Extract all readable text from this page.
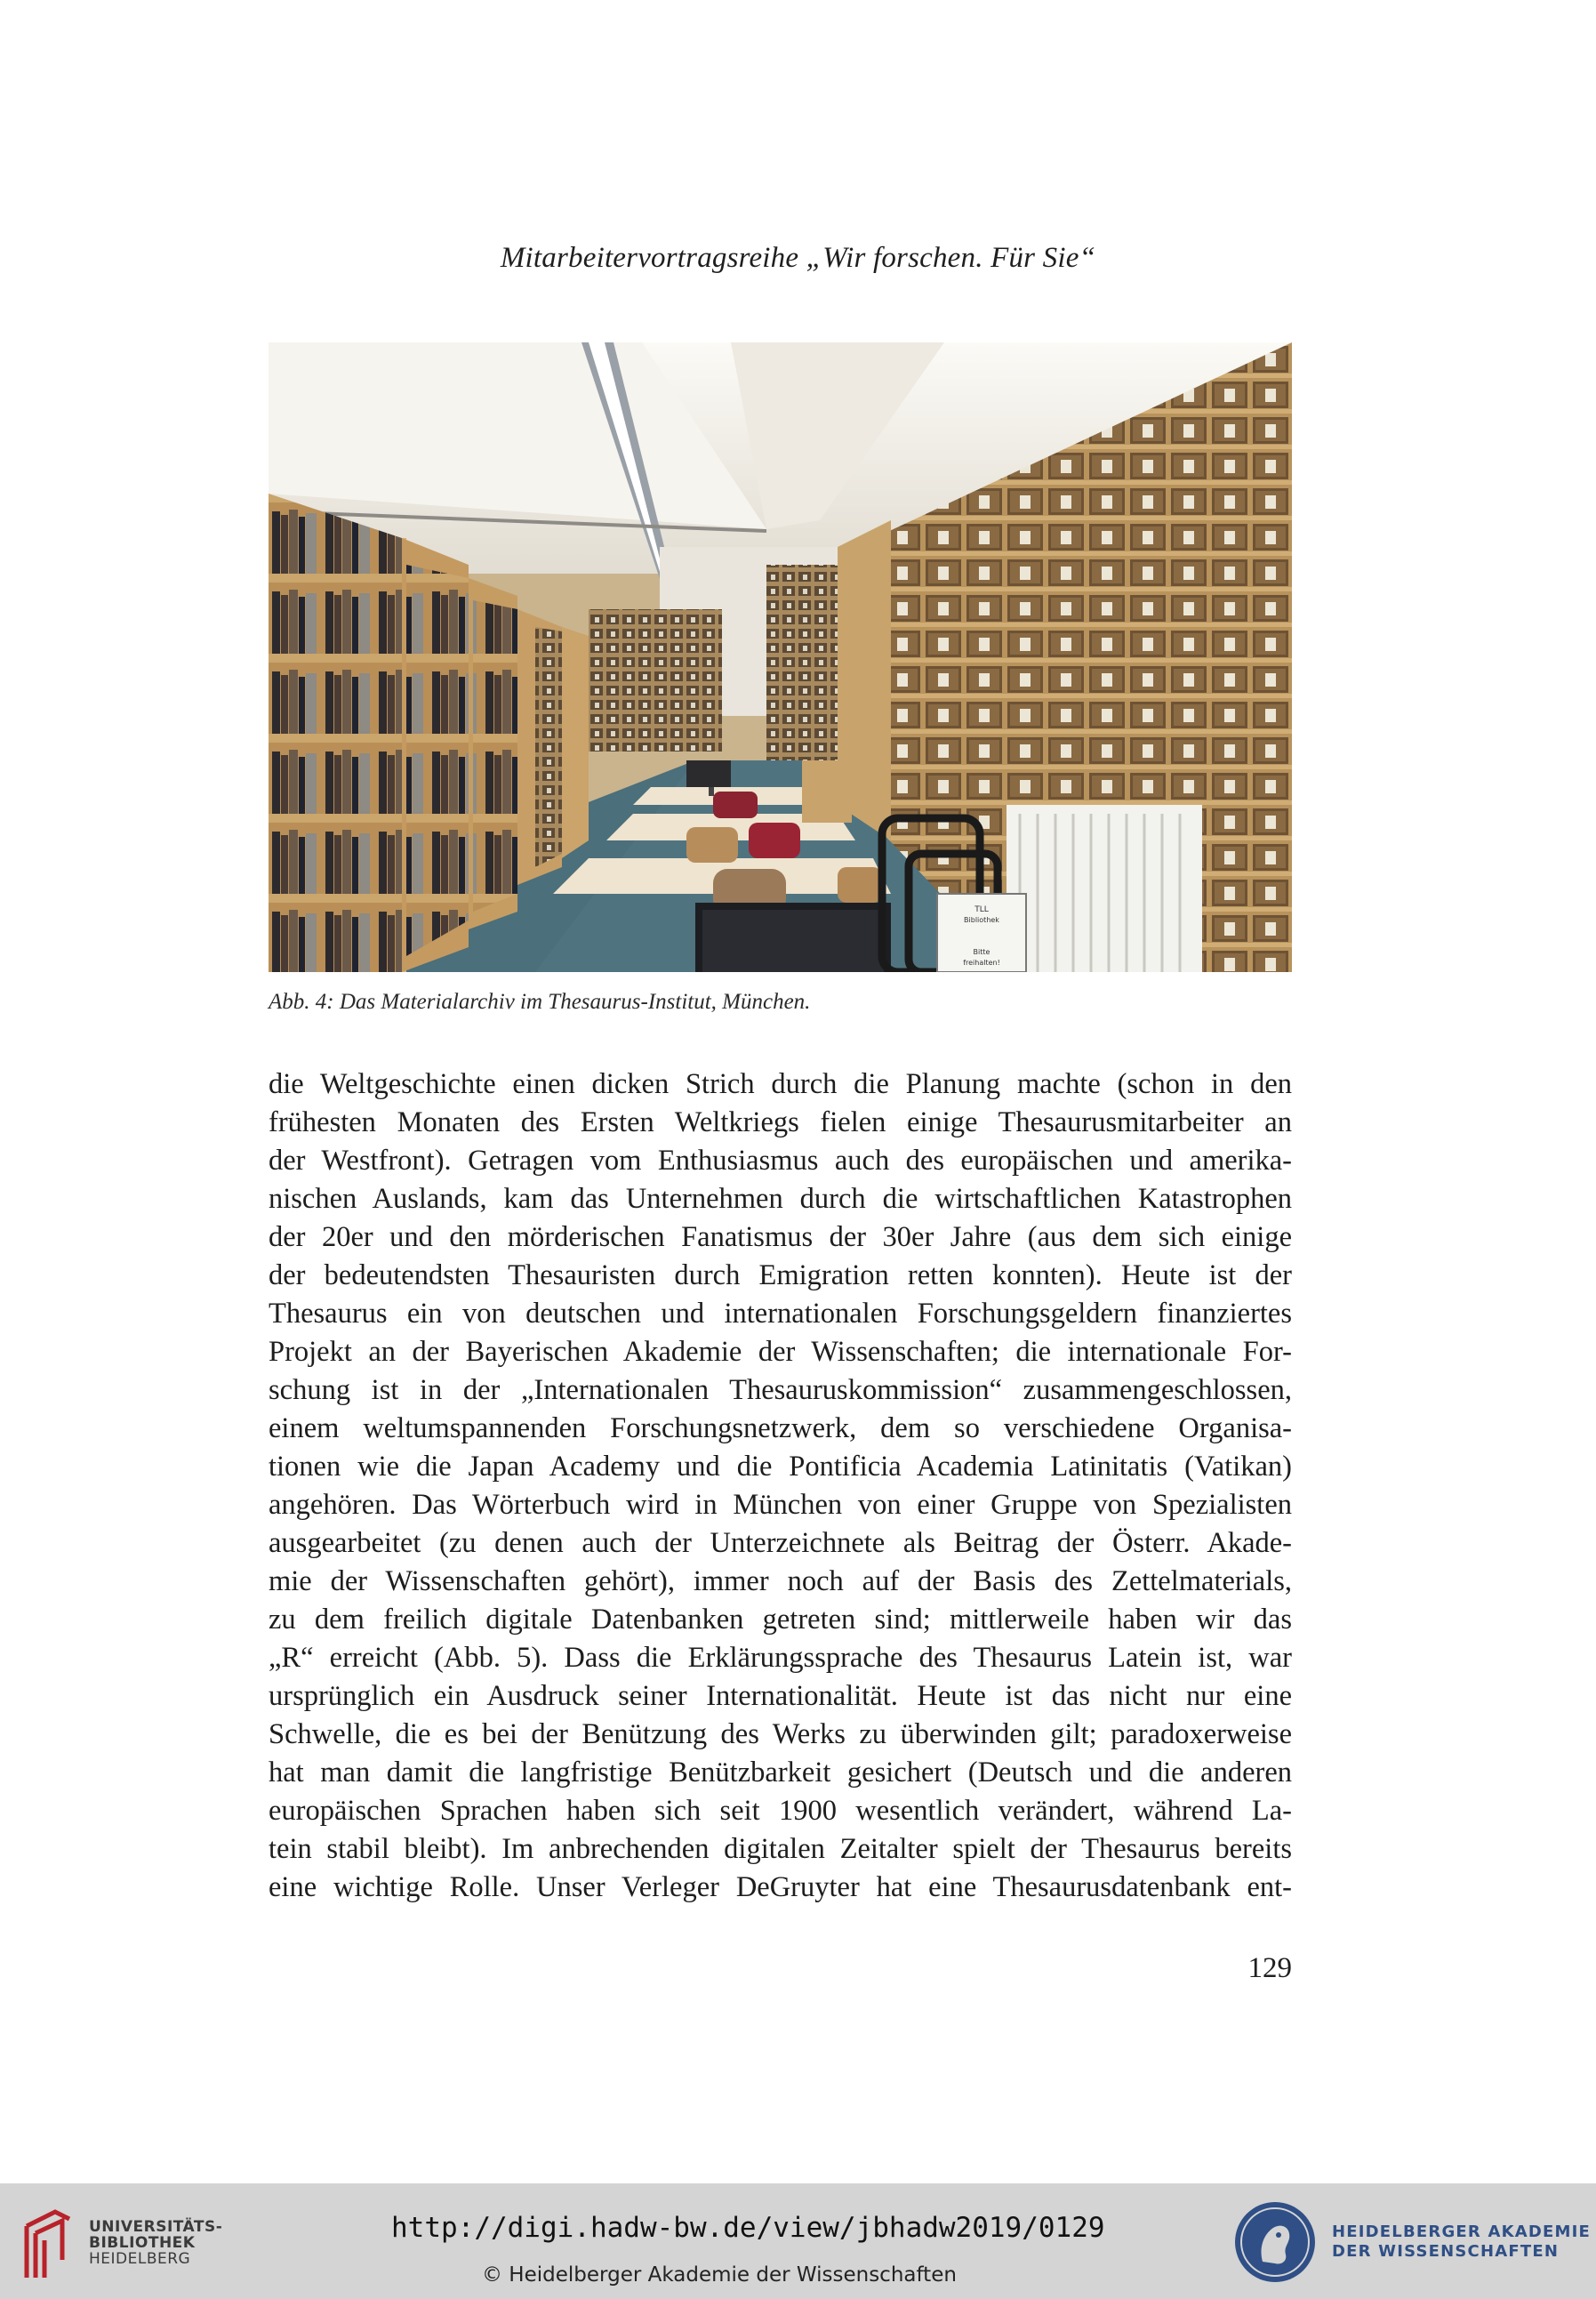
Mitarbeitervortragsreihe „Wir forschen. Für Sie“
TLL
Bibliothek
Bitte
freihalten!
Abb. 4: Das Materialarchiv im Thesaurus-Institut, München.
die Weltgeschichte einen dicken Strich durch die Planung machte (schon in den
frühesten Monaten des Ersten Weltkriegs fielen einige Thesaurusmitarbeiter an
der Westfront). Getragen vom Enthusiasmus auch des europäischen und amerika-
nischen Auslands, kam das Unternehmen durch die wirtschaftlichen Katastrophen
der 20er und den mörderischen Fanatismus der 30er Jahre (aus dem sich einige
der bedeutendsten Thesauristen durch Emigration retten konnten). Heute ist der
Thesaurus ein von deutschen und internationalen Forschungsgeldern finanziertes
Projekt an der Bayerischen Akademie der Wissenschaften; die internationale For-
schung ist in der „Internationalen Thesauruskommission“ zusammengeschlossen,
einem weltumspannenden Forschungsnetzwerk, dem so verschiedene Organisa-
tionen wie die Japan Academy und die Pontificia Academia Latinitatis (Vatikan)
angehören. Das Wörterbuch wird in München von einer Gruppe von Spezialisten
ausgearbeitet (zu denen auch der Unterzeichnete als Beitrag der Österr. Akade-
mie der Wissenschaften gehört), immer noch auf der Basis des Zettelmaterials,
zu dem freilich digitale Datenbanken getreten sind; mittlerweile haben wir das
„R“ erreicht (Abb. 5). Dass die Erklärungssprache des Thesaurus Latein ist, war
ursprünglich ein Ausdruck seiner Internationalität. Heute ist das nicht nur eine
Schwelle, die es bei der Benützung des Werks zu überwinden gilt; paradoxerweise
hat man damit die langfristige Benützbarkeit gesichert (Deutsch und die anderen
europäischen Sprachen haben sich seit 1900 wesentlich verändert, während La-
tein stabil bleibt). Im anbrechenden digitalen Zeitalter spielt der Thesaurus bereits
eine wichtige Rolle. Unser Verleger DeGruyter hat eine Thesaurusdatenbank ent-
129
UNIVERSITÄTS-
BIBLIOTHEK
HEIDELBERG
http://digi.hadw-bw.de/view/jbhadw2019/0129
© Heidelberger Akademie der Wissenschaften
HEIDELBERGER AKADEMIE
DER WISSENSCHAFTEN
